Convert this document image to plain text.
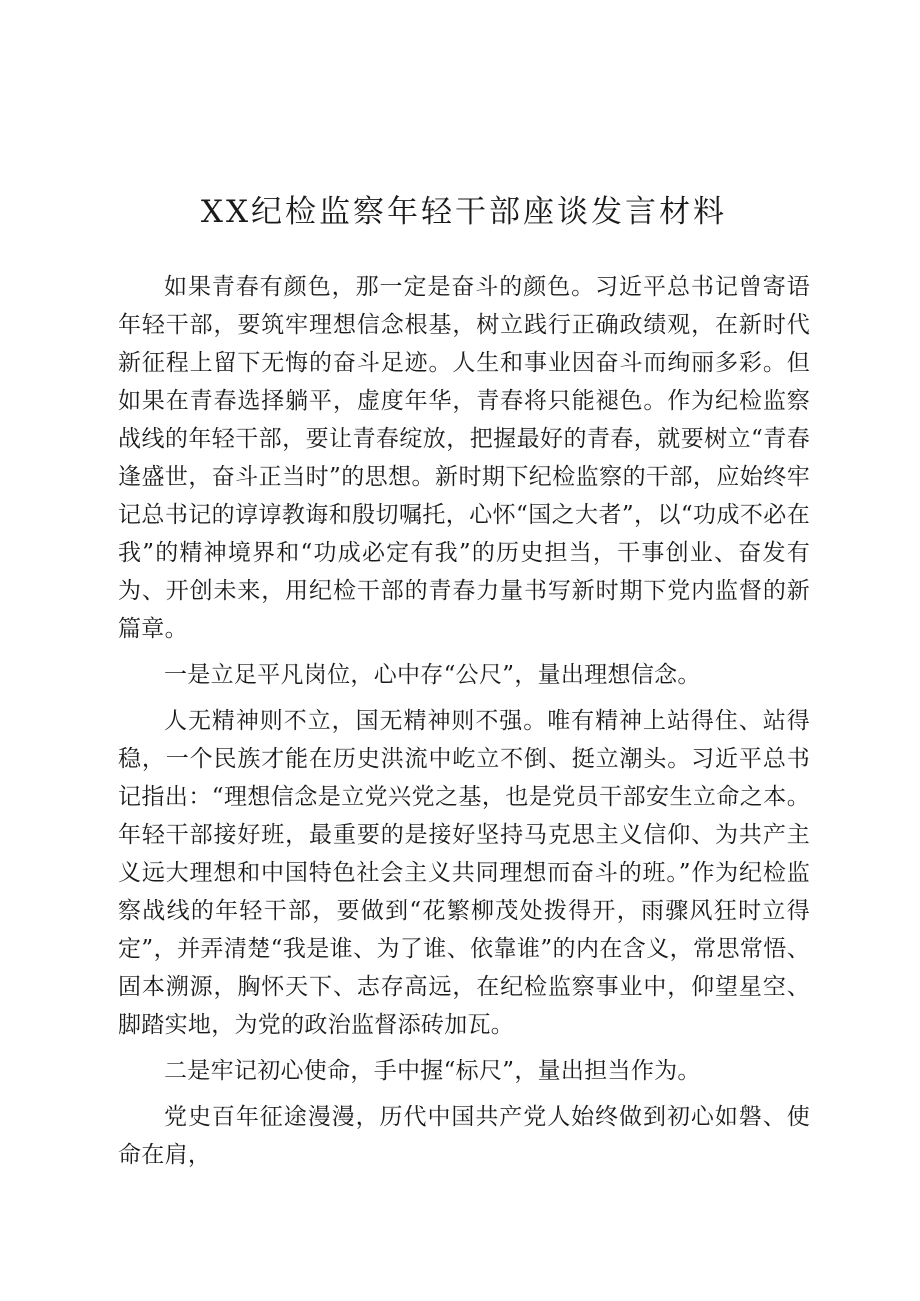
XX纪检监察年轻干部座谈发言材料

如果青春有颜色，那一定是奋斗的颜色。习近平总书记曾寄语年轻干部，要筑牢理想信念根基，树立践行正确政绩观，在新时代新征程上留下无悔的奋斗足迹。人生和事业因奋斗而绚丽多彩。但如果在青春选择躺平，虚度年华，青春将只能褪色。作为纪检监察战线的年轻干部，要让青春绽放，把握最好的青春，就要树立“青春逢盛世，奋斗正当时”的思想。新时期下纪检监察的干部，应始终牢记总书记的谆谆教诲和殷切嘱托，心怀“国之大者”，以“功成不必在我”的精神境界和“功成必定有我”的历史担当，干事创业、奋发有为、开创未来，用纪检干部的青春力量书写新时期下党内监督的新篇章。

一是立足平凡岗位，心中存“公尺”，量出理想信念。

人无精神则不立，国无精神则不强。唯有精神上站得住、站得稳，一个民族才能在历史洪流中屹立不倒、挺立潮头。习近平总书记指出：“理想信念是立党兴党之基，也是党员干部安生立命之本。年轻干部接好班，最重要的是接好坚持马克思主义信仰、为共产主义远大理想和中国特色社会主义共同理想而奋斗的班。”作为纪检监察战线的年轻干部，要做到“花繁柳茂处拨得开，雨骤风狂时立得定”，并弄清楚“我是谁、为了谁、依靠谁”的内在含义，常思常悟、固本溯源，胸怀天下、志存高远，在纪检监察事业中，仰望星空、脚踏实地，为党的政治监督添砖加瓦。

二是牢记初心使命，手中握“标尺”，量出担当作为。

党史百年征途漫漫，历代中国共产党人始终做到初心如磐、使命在肩，
